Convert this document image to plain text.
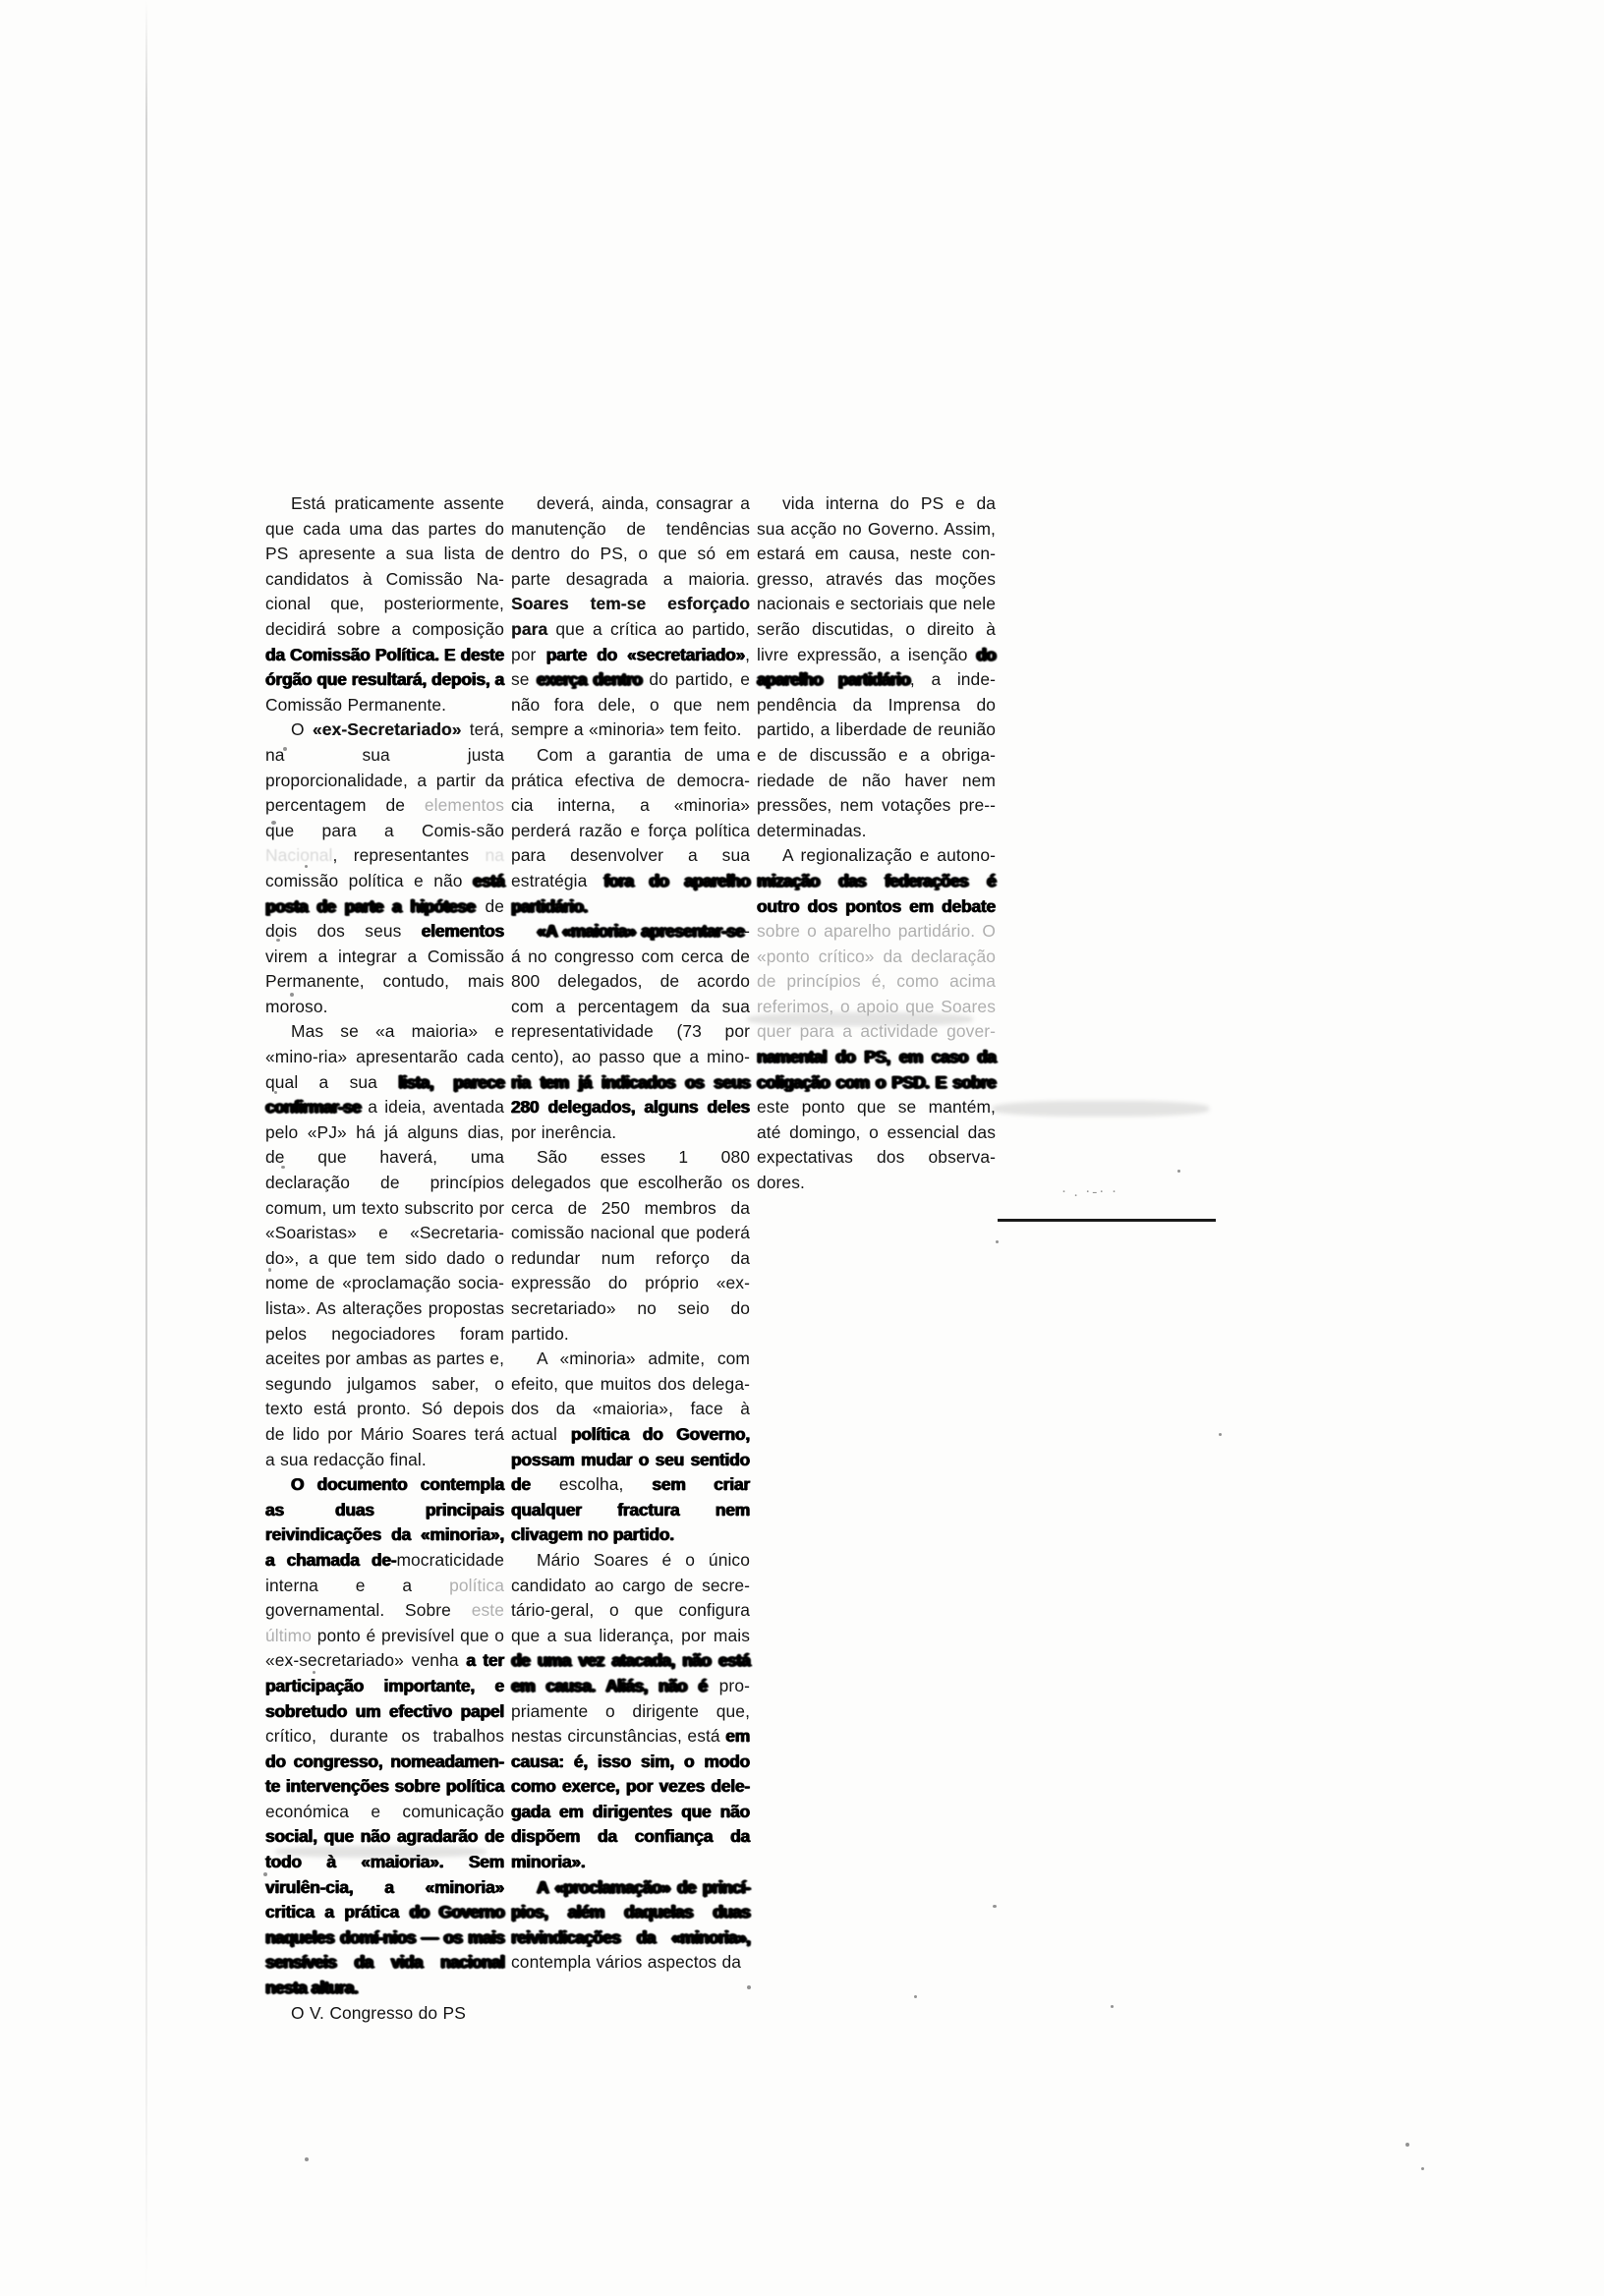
Está praticamente assente que cada uma das partes do PS apresente a sua lista de candidatos à Comissão Na-cional que, posteriormente, decidirá sobre a composição da Comissão Política. E deste órgão que resultará, depois, a Comissão Permanente.

O «ex-Secretariado» terá, na sua justa proporcionalidade, a partir da percentagem de elementos que para a Comis-são Nacional, representantes na comissão política e não está posta de parte a hipótese de dois dos seus elementos virem a integrar a Comissão Permanente, contudo, mais moroso.

Mas se «a maioria» e «mino-ria» apresentarão cada qual a sua lista, parece confirmar-se a ideia, aventada pelo «PJ» há já alguns dias, de que haverá, uma declaração de princípios comum, um texto subscrito por «Soaristas» e «Secretaria-do», a que tem sido dado o nome de «proclamação socia-lista». As alterações propostas pelos negociadores foram aceites por ambas as partes e, segundo julgamos saber, o texto está pronto. Só depois de lido por Mário Soares terá a sua redacção final.

O documento contempla as duas principais reivindicações da «minoria», a chamada de-mocraticidade interna e a política governamental. Sobre este último ponto é previsível que o «ex-secretariado» venha a ter participação importante, e sobretudo um efectivo papel crítico, durante os trabalhos do congresso, nomeadamen-te intervenções sobre política económica e comunicação social, que não agradarão de todo à «maioria». Sem virulên-cia, a «minoria» critica a prática do Governo naqueles domí-nios — os mais sensíveis da vida nacional nesta altura.

O V. Congresso do PS

deverá, ainda, consagrar a manutenção de tendências dentro do PS, o que só em parte desagrada a maioria. Soares tem-se esforçado para que a crítica ao partido, por parte do «secretariado», se exerça dentro do partido, e não fora dele, o que nem sempre a «minoria» tem feito.

Com a garantia de uma prática efectiva de democra-cia interna, a «minoria» perderá razão e força política para desenvolver a sua estratégia fora do aparelho partidário.

«A «maioria» apresentar-se-á no congresso com cerca de 800 delegados, de acordo com a percentagem da sua representatividade (73 por cento), ao passo que a mino-ria tem já indicados os seus 280 delegados, alguns deles por inerência.

São esses 1 080 delegados que escolherão os cerca de 250 membros da comissão nacional que poderá redundar num reforço da expressão do próprio «ex-secretariado» no seio do partido.

A «minoria» admite, com efeito, que muitos dos delega-dos da «maioria», face à actual política do Governo, possam mudar o seu sentido de escolha, sem criar qualquer fractura nem clivagem no partido.

Mário Soares é o único candidato ao cargo de secre-tário-geral, o que configura que a sua liderança, por mais de uma vez atacada, não está em causa. Aliás, não é pro-priamente o dirigente que, nestas circunstâncias, está em causa: é, isso sim, o modo como exerce, por vezes dele-gada em dirigentes que não dispõem da confiança da minoria».

A «proclamação» de princí-pios, além daquelas duas reivindicações da «minoria», contempla vários aspectos da

vida interna do PS e da sua acção no Governo. Assim, estará em causa, neste con-gresso, através das moções nacionais e sectoriais que nele serão discutidas, o direito à livre expressão, a isenção do aparelho partidário, a inde-pendência da Imprensa do partido, a liberdade de reunião e de discussão e a obriga-riedade de não haver nem pressões, nem votações pre--determinadas.

A regionalização e autono-mização das federações é outro dos pontos em debate sobre o aparelho partidário. O «ponto crítico» da declaração de princípios é, como acima referimos, o apoio que Soares quer para a actividade gover- namental do PS, em caso da coligação com o PSD. E sobre este ponto que se mantém, até domingo, o essencial das expectativas dos observa-dores.	· . ·-· ·
